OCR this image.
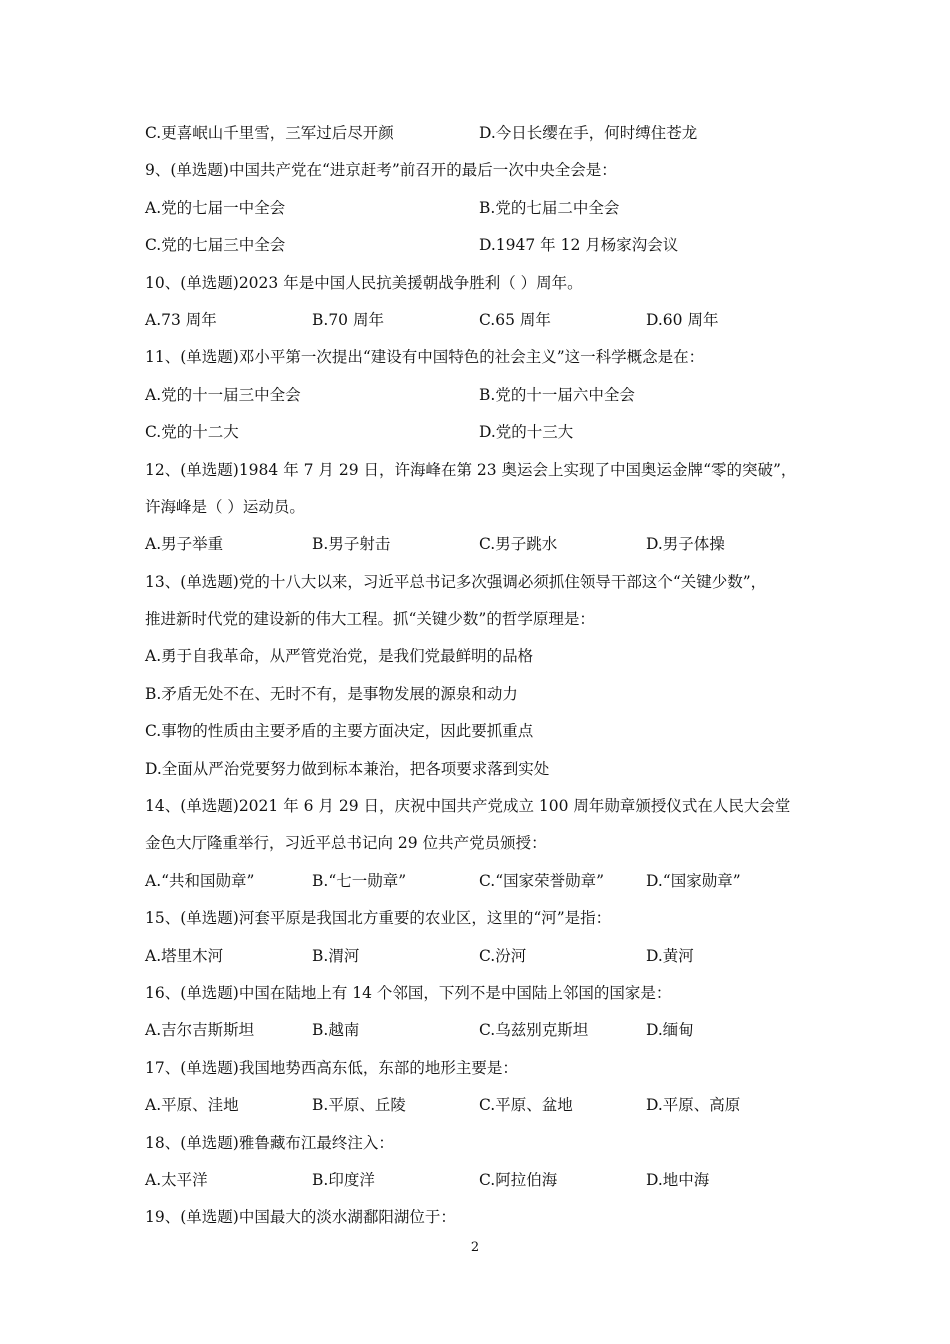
C.更喜岷山千里雪，三军过后尽开颜	D.今日长缨在手，何时缚住苍龙
9、(单选题)中国共产党在“进京赶考”前召开的最后一次中央全会是：
A.党的七届一中全会	B.党的七届二中全会
C.党的七届三中全会	D.1947 年 12 月杨家沟会议
10、(单选题)2023 年是中国人民抗美援朝战争胜利（ ）周年。
A.73 周年	B.70 周年	C.65 周年	D.60 周年
11、(单选题)邓小平第一次提出“建设有中国特色的社会主义”这一科学概念是在：
A.党的十一届三中全会	B.党的十一届六中全会
C.党的十二大	D.党的十三大
12、(单选题)1984 年 7 月 29 日，许海峰在第 23 奥运会上实现了中国奥运金牌“零的突破”，
许海峰是（ ）运动员。
A.男子举重	B.男子射击	C.男子跳水	D.男子体操
13、(单选题)党的十八大以来，习近平总书记多次强调必须抓住领导干部这个“关键少数”，
推进新时代党的建设新的伟大工程。抓“关键少数”的哲学原理是：
A.勇于自我革命，从严管党治党，是我们党最鲜明的品格
B.矛盾无处不在、无时不有，是事物发展的源泉和动力
C.事物的性质由主要矛盾的主要方面决定，因此要抓重点
D.全面从严治党要努力做到标本兼治，把各项要求落到实处
14、(单选题)2021 年 6 月 29 日，庆祝中国共产党成立 100 周年勋章颁授仪式在人民大会堂
金色大厅隆重举行，习近平总书记向 29 位共产党员颁授：
A.“共和国勋章”	B.“七一勋章”	C.“国家荣誉勋章”	D.“国家勋章”
15、(单选题)河套平原是我国北方重要的农业区，这里的“河”是指：
A.塔里木河	B.渭河	C.汾河	D.黄河
16、(单选题)中国在陆地上有 14 个邻国，下列不是中国陆上邻国的国家是：
A.吉尔吉斯斯坦	B.越南	C.乌兹别克斯坦	D.缅甸
17、(单选题)我国地势西高东低，东部的地形主要是：
A.平原、洼地	B.平原、丘陵	C.平原、盆地	D.平原、高原
18、(单选题)雅鲁藏布江最终注入：
A.太平洋	B.印度洋	C.阿拉伯海	D.地中海
19、(单选题)中国最大的淡水湖鄱阳湖位于：
2
